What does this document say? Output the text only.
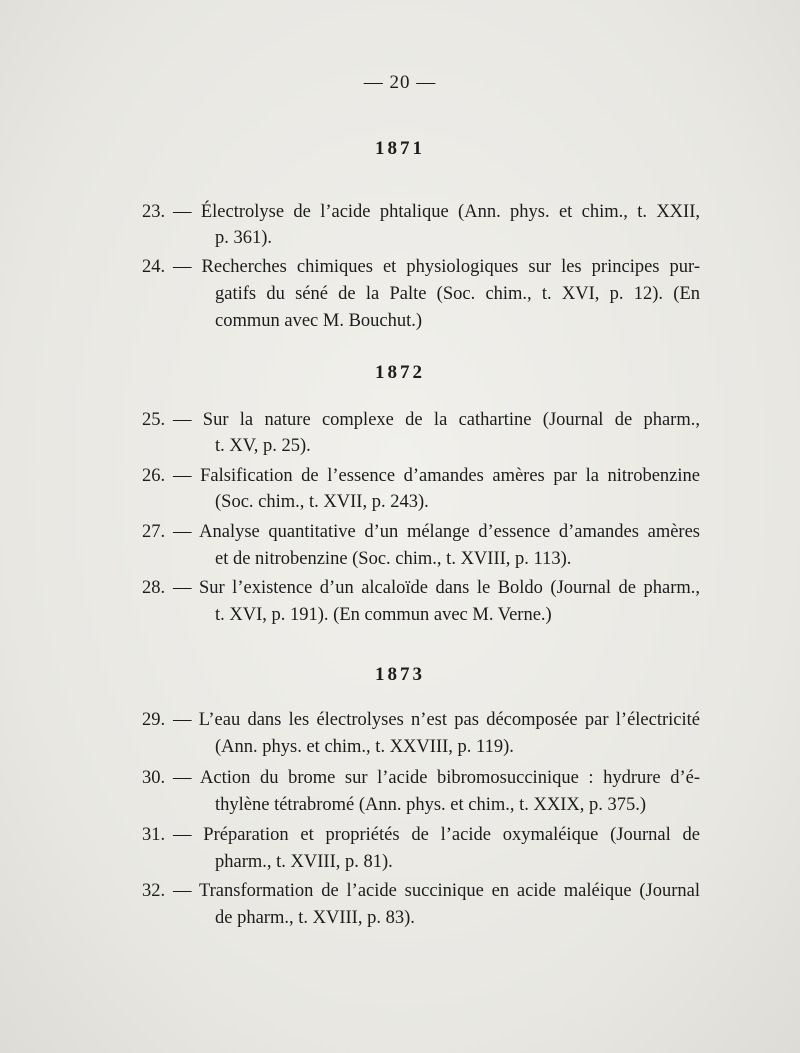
— 20 —
1871
23. — Électrolyse de l’acide phtalique (Ann. phys. et chim., t. XXII,
p. 361).
24. — Recherches chimiques et physiologiques sur les principes pur-
gatifs du séné de la Palte (Soc. chim., t. XVI, p. 12). (En
commun avec M. Bouchut.)
1872
25. — Sur la nature complexe de la cathartine (Journal de pharm.,
t. XV, p. 25).
26. — Falsification de l’essence d’amandes amères par la nitrobenzine
(Soc. chim., t. XVII, p. 243).
27. — Analyse quantitative d’un mélange d’essence d’amandes amères
et de nitrobenzine (Soc. chim., t. XVIII, p. 113).
28. — Sur l’existence d’un alcaloïde dans le Boldo (Journal de pharm.,
t. XVI, p. 191). (En commun avec M. Verne.)
1873
29. — L’eau dans les électrolyses n’est pas décomposée par l’électricité
(Ann. phys. et chim., t. XXVIII, p. 119).
30. — Action du brome sur l’acide bibromosuccinique : hydrure d’é-
thylène tétrabromé (Ann. phys. et chim., t. XXIX, p. 375.)
31. — Préparation et propriétés de l’acide oxymaléique (Journal de
pharm., t. XVIII, p. 81).
32. — Transformation de l’acide succinique en acide maléique (Journal
de pharm., t. XVIII, p. 83).
